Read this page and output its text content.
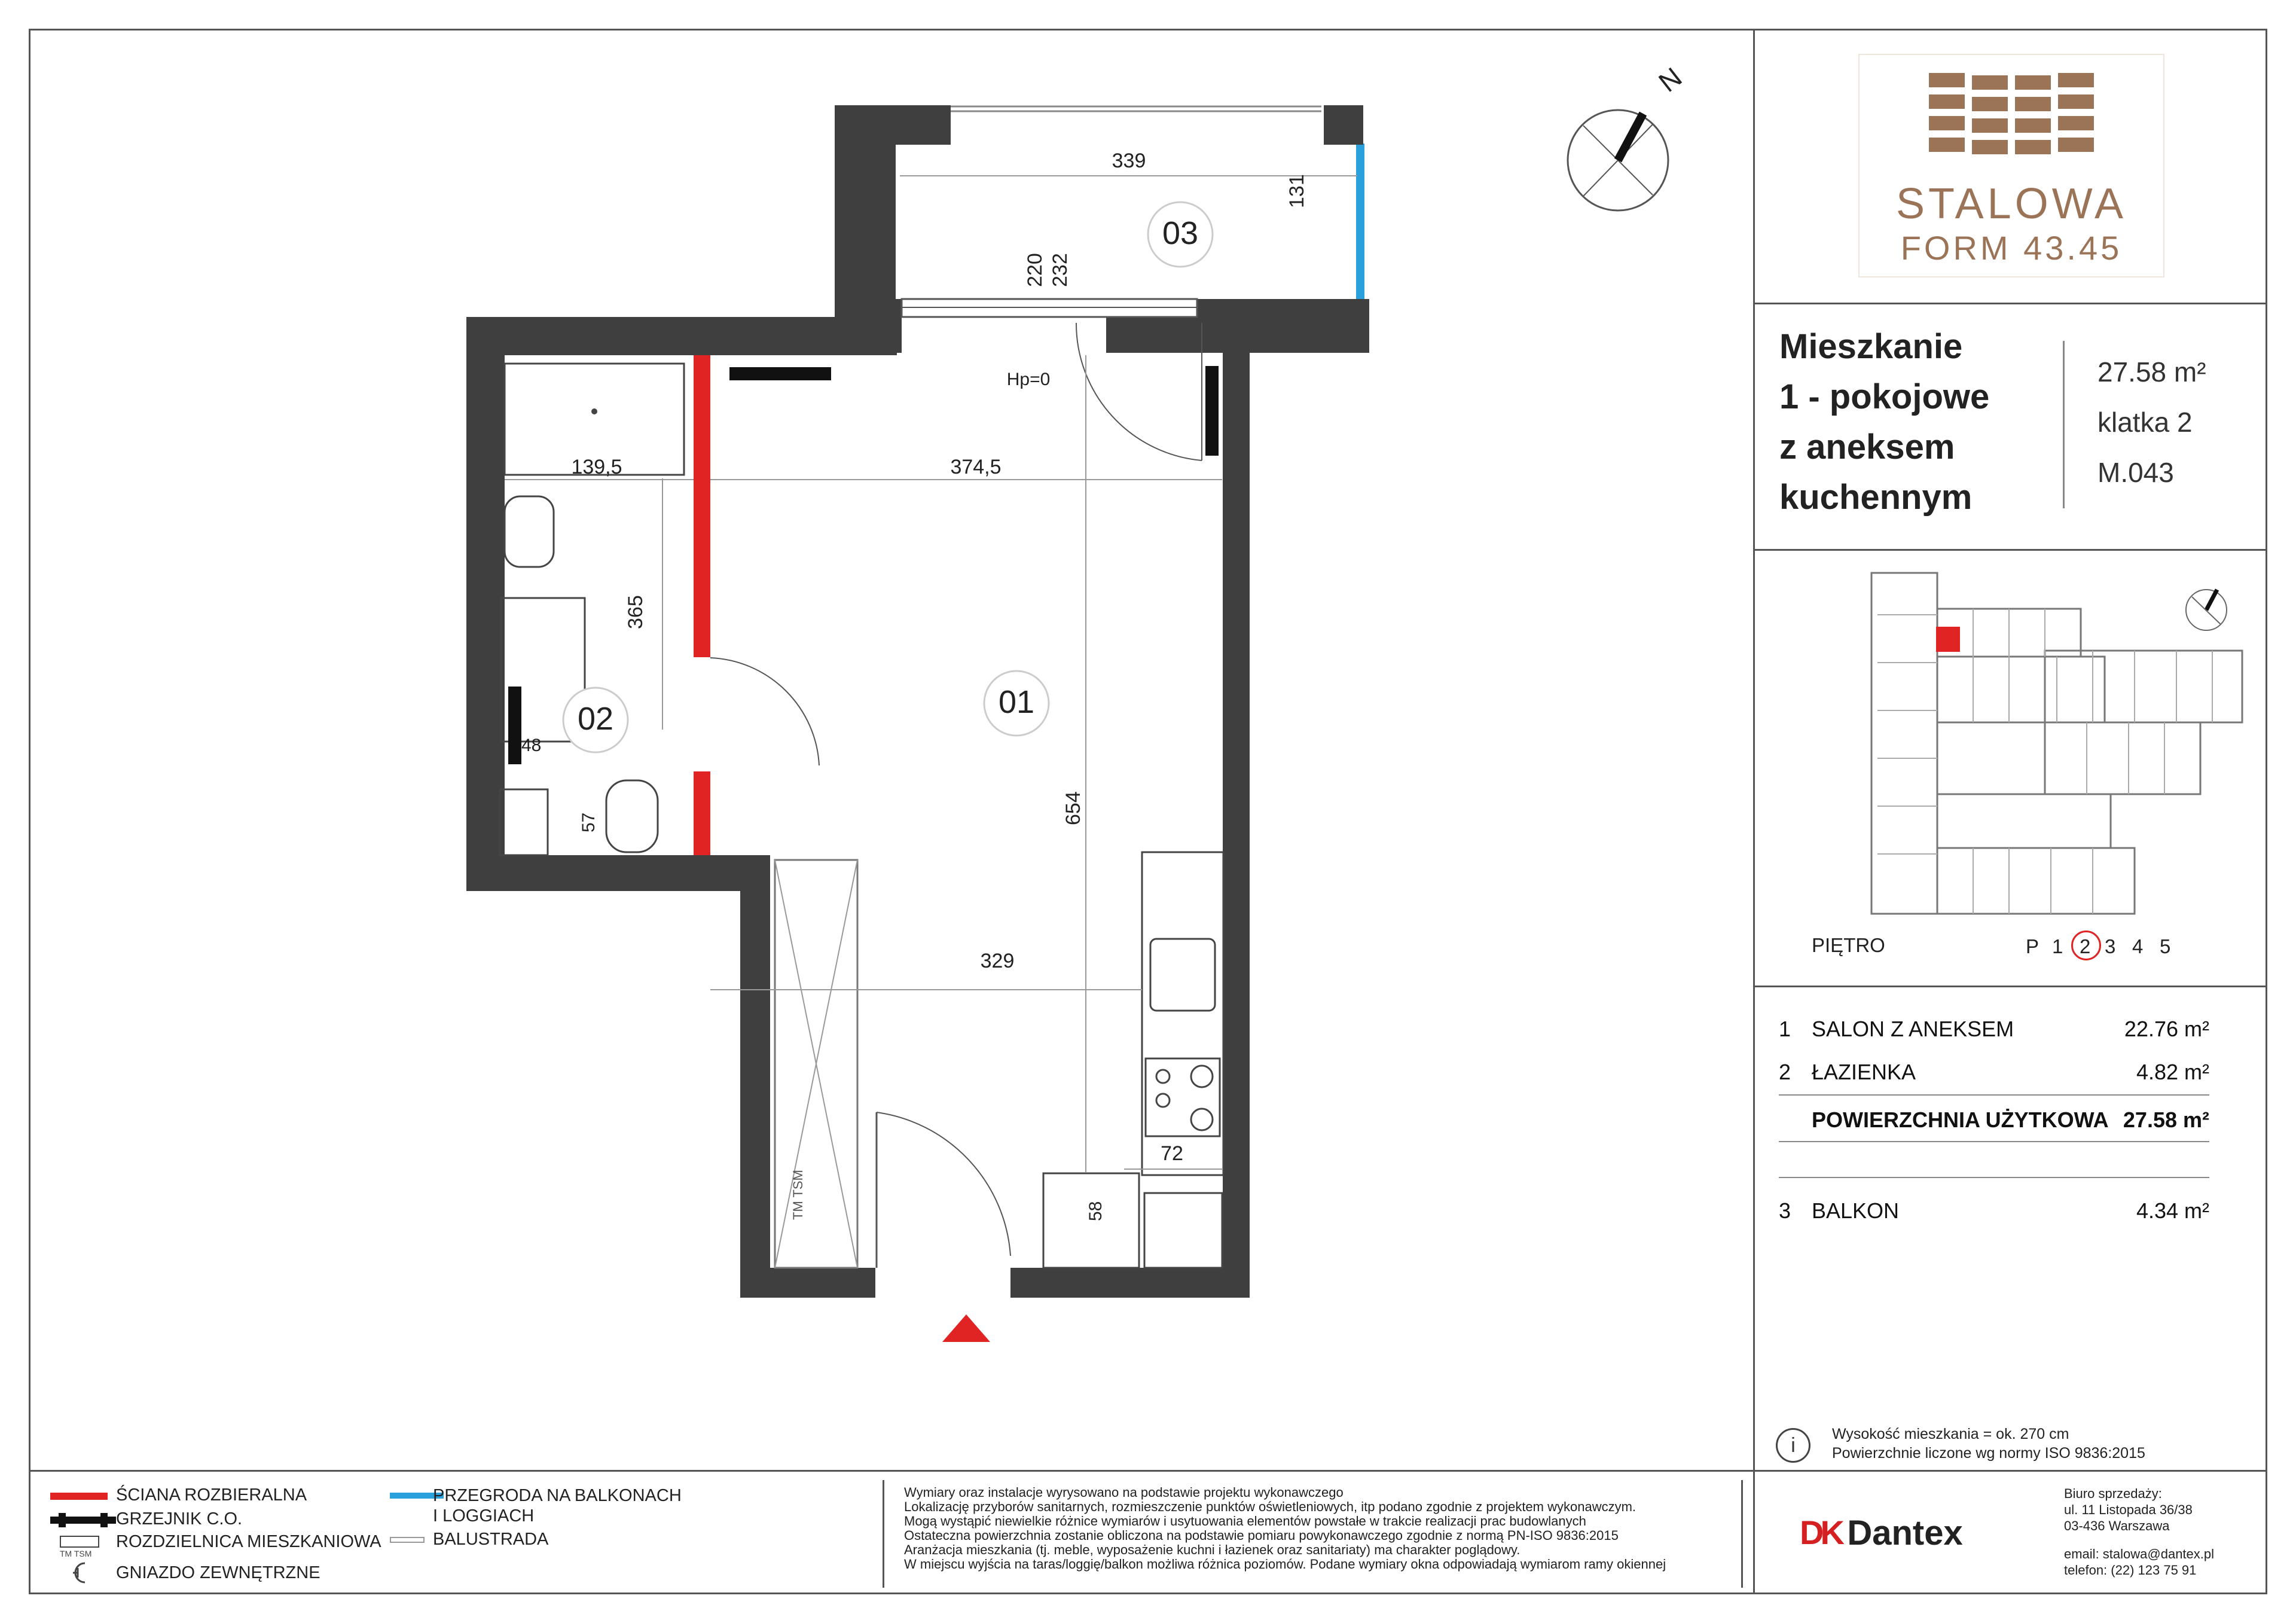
TM TSM
03
01
02
339
131
220 232
Hp=0
139,5	374,5
365
48
57	654
329
72
58
N
STALOWA
FORM 43.45
Mieszkanie
1 - pokojowe
z aneksem
kuchennym
27.58 m²
klatka 2
M.043
PIĘTRO	P 1 2 3 4 5
1 SALON Z ANEKSEM	22.76 m²
2 ŁAZIENKA	4.82 m²
POWIERZCHNIA UŻYTKOWA 27.58 m²
3 BALKON	4.34 m²
i	Wysokość mieszkania = ok. 270 cm
Powierzchnie liczone wg normy ISO 9836:2015
ŚCIANA ROZBIERALNA
GRZEJNIK C.O.
TM TSM
ROZDZIELNICA MIESZKANIOWA
GNIAZDO ZEWNĘTRZNE
PRZEGRODA NA BALKONACH
I LOGGIACH
BALUSTRADA
Wymiary oraz instalacje wyrysowano na podstawie projektu wykonawczego
Lokalizację przyborów sanitarnych, rozmieszczenie punktów oświetleniowych, itp podano zgodnie z projektem wykonawczym.
Mogą wystąpić niewielkie różnice wymiarów i usytuowania elementów powstałe w trakcie realizacji prac budowlanych
Ostateczna powierzchnia zostanie obliczona na podstawie pomiaru powykonawczego zgodnie z normą PN-ISO 9836:2015
Aranżacja mieszkania (tj. meble, wyposażenie kuchni i łazienek oraz sanitariaty) ma charakter poglądowy.
W miejscu wyjścia na taras/loggię/balkon możliwa różnica poziomów. Podane wymiary okna odpowiadają wymiarom ramy okiennej
DK Dantex
Biuro sprzedaży:
ul. 11 Listopada 36/38
03-436 Warszawa
email: stalowa@dantex.pl
telefon: (22) 123 75 91
